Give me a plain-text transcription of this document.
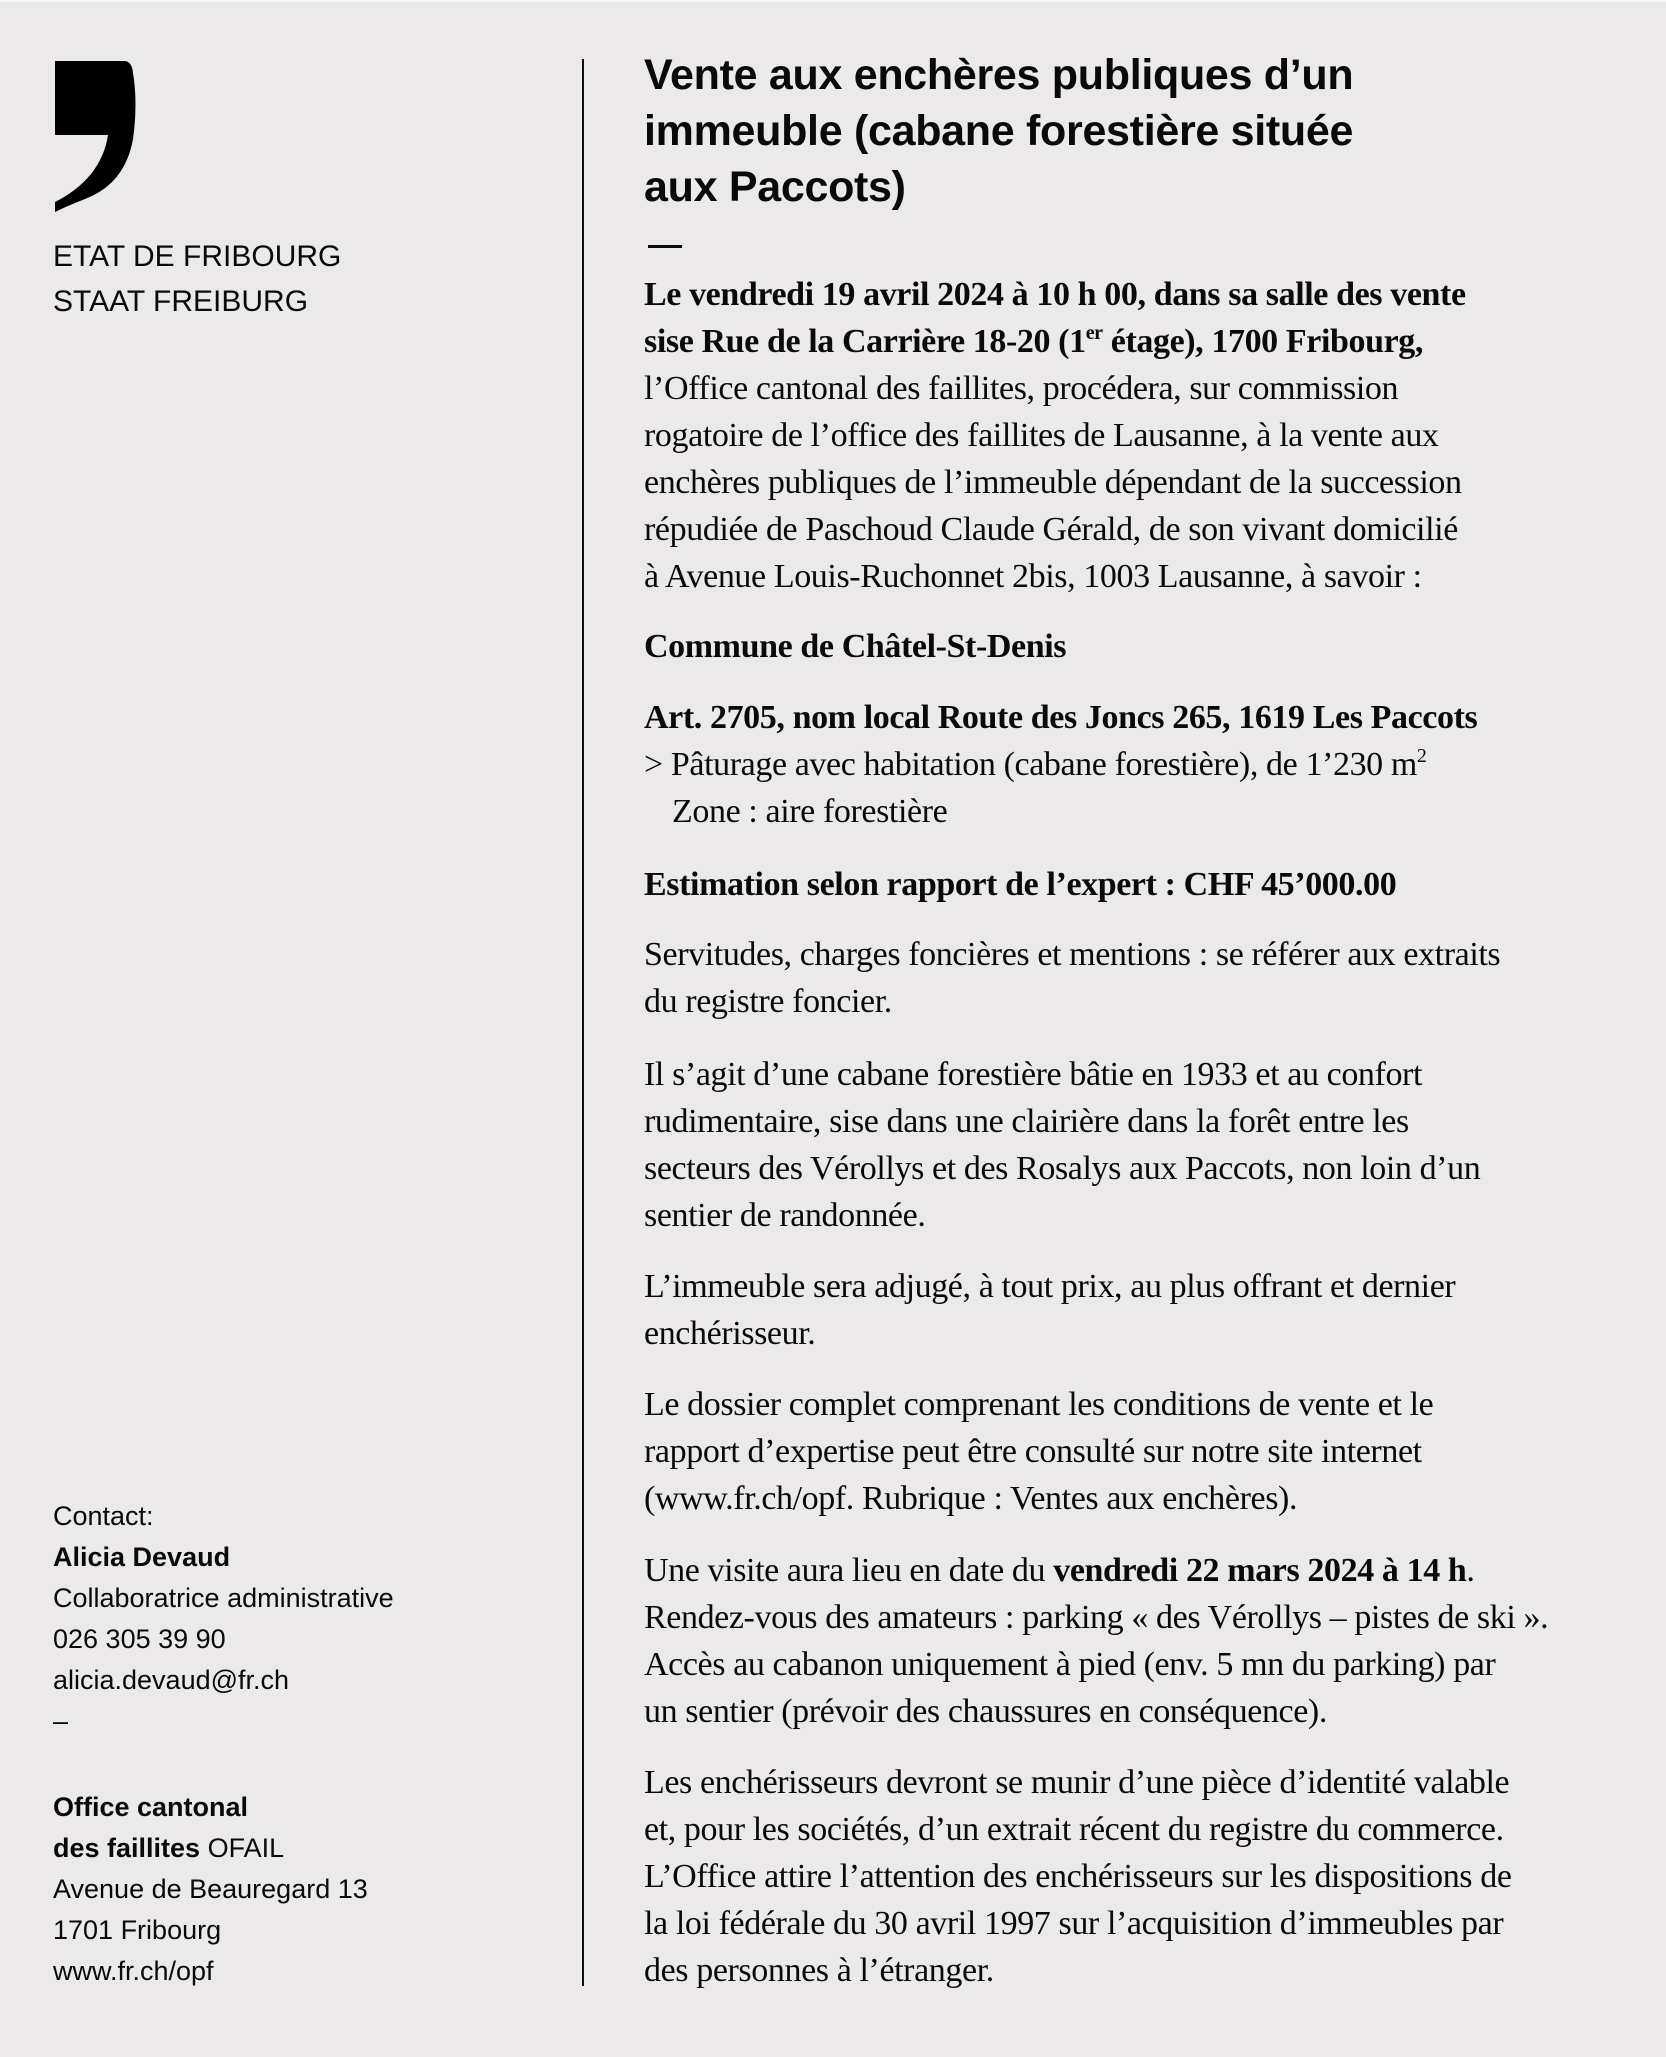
ETAT DE FRIBOURG
STAAT FREIBURG
Contact:
Alicia Devaud
Collaboratrice administrative
026 305 39 90
alicia.devaud@fr.ch
–
Office cantonal
des faillites OFAIL
Avenue de Beauregard 13
1701 Fribourg
www.fr.ch/opf
Vente aux enchères publiques d’un
immeuble (cabane forestière située
aux Paccots)
Le vendredi 19 avril 2024 à 10 h 00, dans sa salle des vente
sise Rue de la Carrière 18-20 (1er étage), 1700 Fribourg,
l’Office cantonal des faillites, procédera, sur commission
rogatoire de l’office des faillites de Lausanne, à la vente aux
enchères publiques de l’immeuble dépendant de la succession
répudiée de Paschoud Claude Gérald, de son vivant domicilié
à Avenue Louis-Ruchonnet 2bis, 1003 Lausanne, à savoir :
Commune de Châtel-St-Denis
Art. 2705, nom local Route des Joncs 265, 1619 Les Paccots
> Pâturage avec habitation (cabane forestière), de 1’230 $m^2$
Zone : aire forestière
Estimation selon rapport de l’expert : CHF 45’000.00
Servitudes, charges foncières et mentions : se référer aux extraits
du registre foncier.
Il s’agit d’une cabane forestière bâtie en 1933 et au confort
rudimentaire, sise dans une clairière dans la forêt entre les
secteurs des Vérollys et des Rosalys aux Paccots, non loin d’un
sentier de randonnée.
L’immeuble sera adjugé, à tout prix, au plus offrant et dernier
enchérisseur.
Le dossier complet comprenant les conditions de vente et le
rapport d’expertise peut être consulté sur notre site internet
(www.fr.ch/opf. Rubrique : Ventes aux enchères).
Une visite aura lieu en date du vendredi 22 mars 2024 à 14 h.
Rendez-vous des amateurs : parking « des Vérollys – pistes de ski ».
Accès au cabanon uniquement à pied (env. 5 mn du parking) par
un sentier (prévoir des chaussures en conséquence).
Les enchérisseurs devront se munir d’une pièce d’identité valable
et, pour les sociétés, d’un extrait récent du registre du commerce.
L’Office attire l’attention des enchérisseurs sur les dispositions de
la loi fédérale du 30 avril 1997 sur l’acquisition d’immeubles par
des personnes à l’étranger.
